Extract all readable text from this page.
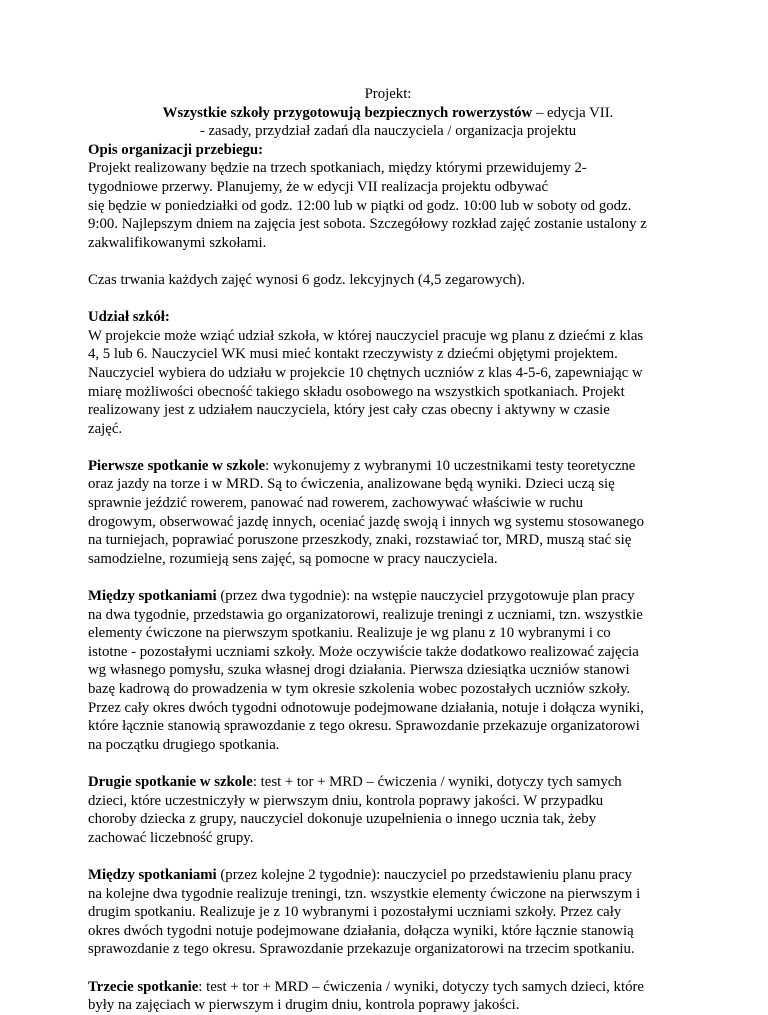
Projekt:

Wszystkie szkoły przygotowują bezpiecznych rowerzystów – edycja VII.

- zasady, przydział zadań dla nauczyciela / organizacja projektu

Opis organizacji przebiegu:

Projekt realizowany będzie na trzech spotkaniach, między którymi przewidujemy 2-

tygodniowe przerwy. Planujemy, że w edycji VII realizacja projektu odbywać

się będzie w poniedziałki od godz. 12:00 lub w piątki od godz. 10:00 lub w soboty od godz.

9:00. Najlepszym dniem na zajęcia jest sobota. Szczegółowy rozkład zajęć zostanie ustalony z

zakwalifikowanymi szkołami.

Czas trwania każdych zajęć wynosi 6 godz. lekcyjnych (4,5 zegarowych).

Udział szkół:

W projekcie może wziąć udział szkoła, w której nauczyciel pracuje wg planu z dziećmi z klas

4, 5 lub 6. Nauczyciel WK musi mieć kontakt rzeczywisty z dziećmi objętymi projektem.

Nauczyciel wybiera do udziału w projekcie 10 chętnych uczniów z klas 4-5-6, zapewniając w

miarę możliwości obecność takiego składu osobowego na wszystkich spotkaniach. Projekt

realizowany jest z udziałem nauczyciela, który jest cały czas obecny i aktywny w czasie

zajęć.

Pierwsze spotkanie w szkole: wykonujemy z wybranymi 10 uczestnikami testy teoretyczne

oraz jazdy na torze i w MRD. Są to ćwiczenia, analizowane będą wyniki. Dzieci uczą się

sprawnie jeździć rowerem, panować nad rowerem, zachowywać właściwie w ruchu

drogowym, obserwować jazdę innych, oceniać jazdę swoją i innych wg systemu stosowanego

na turniejach, poprawiać poruszone przeszkody, znaki, rozstawiać tor, MRD, muszą stać się

samodzielne, rozumieją sens zajęć, są pomocne w pracy nauczyciela.

Między spotkaniami (przez dwa tygodnie): na wstępie nauczyciel przygotowuje plan pracy

na dwa tygodnie, przedstawia go organizatorowi, realizuje treningi z uczniami, tzn. wszystkie

elementy ćwiczone na pierwszym spotkaniu. Realizuje je wg planu z 10 wybranymi i co

istotne - pozostałymi uczniami szkoły. Może oczywiście także dodatkowo realizować zajęcia

wg własnego pomysłu, szuka własnej drogi działania. Pierwsza dziesiątka uczniów stanowi

bazę kadrową do prowadzenia w tym okresie szkolenia wobec pozostałych uczniów szkoły.

Przez cały okres dwóch tygodni odnotowuje podejmowane działania, notuje i dołącza wyniki,

które łącznie stanowią sprawozdanie z tego okresu. Sprawozdanie przekazuje organizatorowi

na początku drugiego spotkania.

Drugie spotkanie w szkole: test + tor + MRD – ćwiczenia / wyniki, dotyczy tych samych

dzieci, które uczestniczyły w pierwszym dniu, kontrola poprawy jakości. W przypadku

choroby dziecka z grupy, nauczyciel dokonuje uzupełnienia o innego ucznia tak, żeby

zachować liczebność grupy.

Między spotkaniami (przez kolejne 2 tygodnie): nauczyciel po przedstawieniu planu pracy

na kolejne dwa tygodnie realizuje treningi, tzn. wszystkie elementy ćwiczone na pierwszym i

drugim spotkaniu. Realizuje je z 10 wybranymi i pozostałymi uczniami szkoły. Przez cały

okres dwóch tygodni notuje podejmowane działania, dołącza wyniki, które łącznie stanowią

sprawozdanie z tego okresu. Sprawozdanie przekazuje organizatorowi na trzecim spotkaniu.

Trzecie spotkanie: test + tor + MRD – ćwiczenia / wyniki, dotyczy tych samych dzieci, które

były na zajęciach w pierwszym i drugim dniu, kontrola poprawy jakości.
